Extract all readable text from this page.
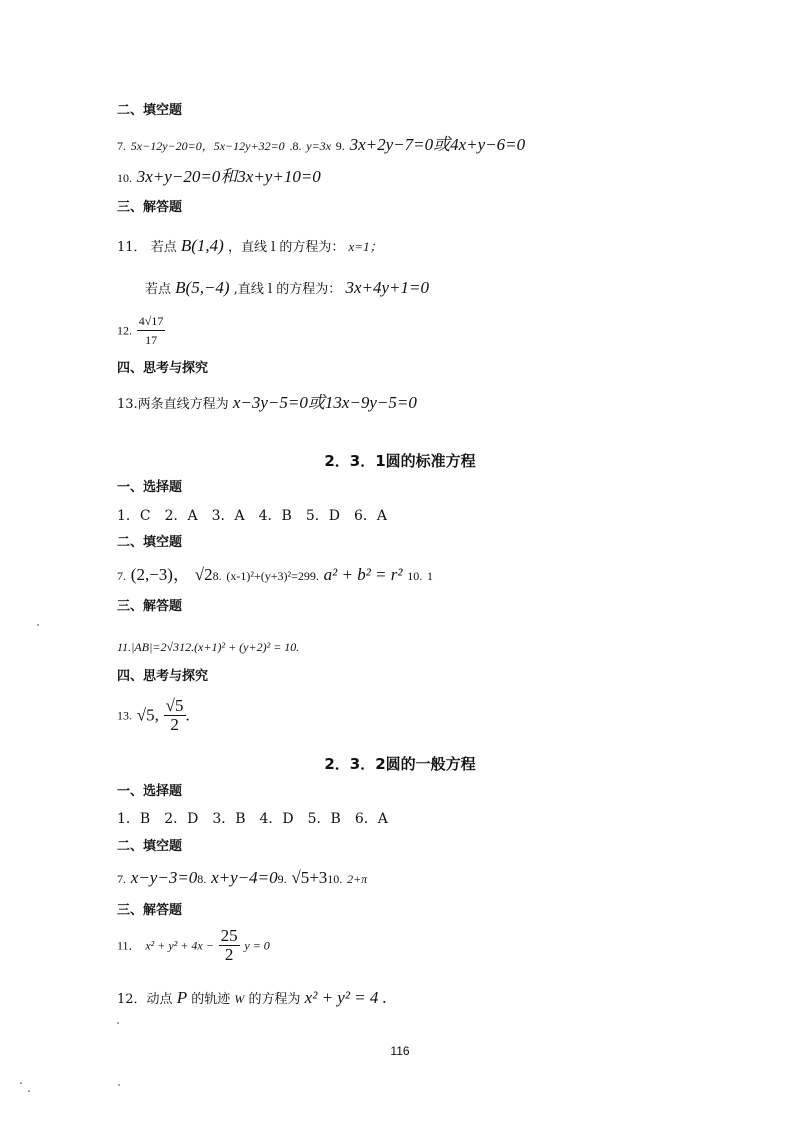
二、填空题
7. 5x−12y−20=0，5x−12y+32=0 .8. y=3x 9. 3x+2y−7=0或4x+y−6=0
10. 3x+y−20=0和3x+y+10=0
三、解答题
11． 若点 B(1,4) ，直线 l 的方程为： x=1；
若点 B(5,−4) ,直线 l 的方程为： 3x+4y+1=0
12. $\frac{4√17}{17}$
四、思考与探究
13.两条直线方程为 x−3y−5=0或13x−9y−5=0
2．3．1圆的标准方程
一、选择题
1．C　2．A　3．A　4．B　5．D　6．A
二、填空题
7. (2,−3)， √28. (x-1)²+(y+3)²=299. a² + b² = r² 10. 1
三、解答题
11.|AB|=2√312.(x+1)² + (y+2)² = 10.
四、思考与探究
13. √5, $\frac{√5}{2}$ .
2．3．2圆的一般方程
一、选择题
1．B　2．D　3．B　4．D　5．B　6．A
二、填空题
7. x−y−3=08. x+y−4=09. √5+310. 2+π
三、解答题
11． $x^2 + y^2 + 4x - \frac{25}{2}$ y = 0
12．动点 P 的轨迹 W 的方程为 x² + y² = 4 .
116
